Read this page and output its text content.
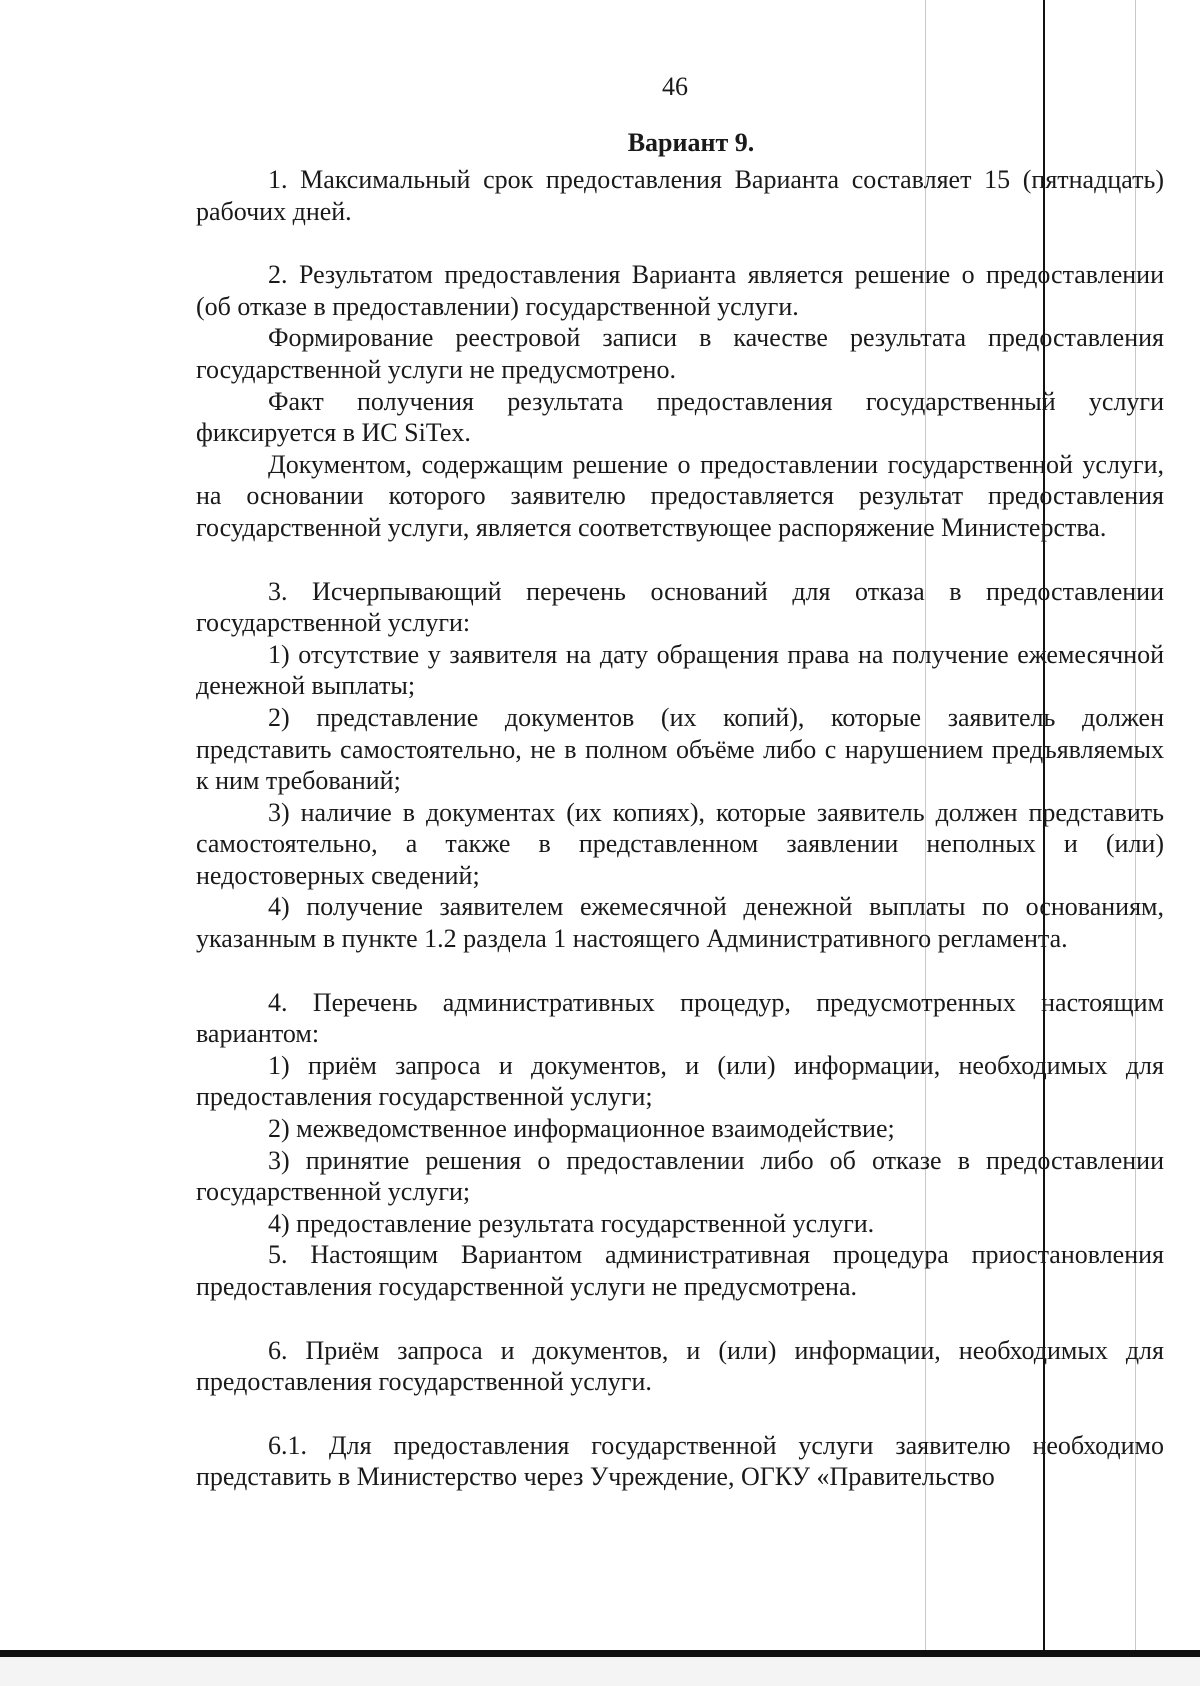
46
Вариант 9.

1. Максимальный срок предоставления Варианта составляет 15 (пятнадцать) рабочих дней.

2. Результатом предоставления Варианта является решение о предоставлении (об отказе в предоставлении) государственной услуги.

Формирование реестровой записи в качестве результата предоставления государственной услуги не предусмотрено.

Факт получения результата предоставления государственный услуги фиксируется в ИС SiTex.

Документом, содержащим решение о предоставлении государственной услуги, на основании которого заявителю предоставляется результат предоставления государственной услуги, является соответствующее распоряжение Министерства.

3. Исчерпывающий перечень оснований для отказа в предоставлении государственной услуги:

1) отсутствие у заявителя на дату обращения права на получение ежемесячной денежной выплаты;

2) представление документов (их копий), которые заявитель должен представить самостоятельно, не в полном объёме либо с нарушением предъявляемых к ним требований;

3) наличие в документах (их копиях), которые заявитель должен представить самостоятельно, а также в представленном заявлении неполных и (или) недостоверных сведений;

4) получение заявителем ежемесячной денежной выплаты по основаниям, указанным в пункте 1.2 раздела 1 настоящего Административного регламента.

4. Перечень административных процедур, предусмотренных настоящим вариантом:

1) приём запроса и документов, и (или) информации, необходимых для предоставления государственной услуги;

2) межведомственное информационное взаимодействие;

3) принятие решения о предоставлении либо об отказе в предоставлении государственной услуги;

4) предоставление результата государственной услуги.

5. Настоящим Вариантом административная процедура приостановления предоставления государственной услуги не предусмотрена.

6. Приём запроса и документов, и (или) информации, необходимых для предоставления государственной услуги.

6.1. Для предоставления государственной услуги заявителю необходимо представить в Министерство через Учреждение, ОГКУ «Правительство
